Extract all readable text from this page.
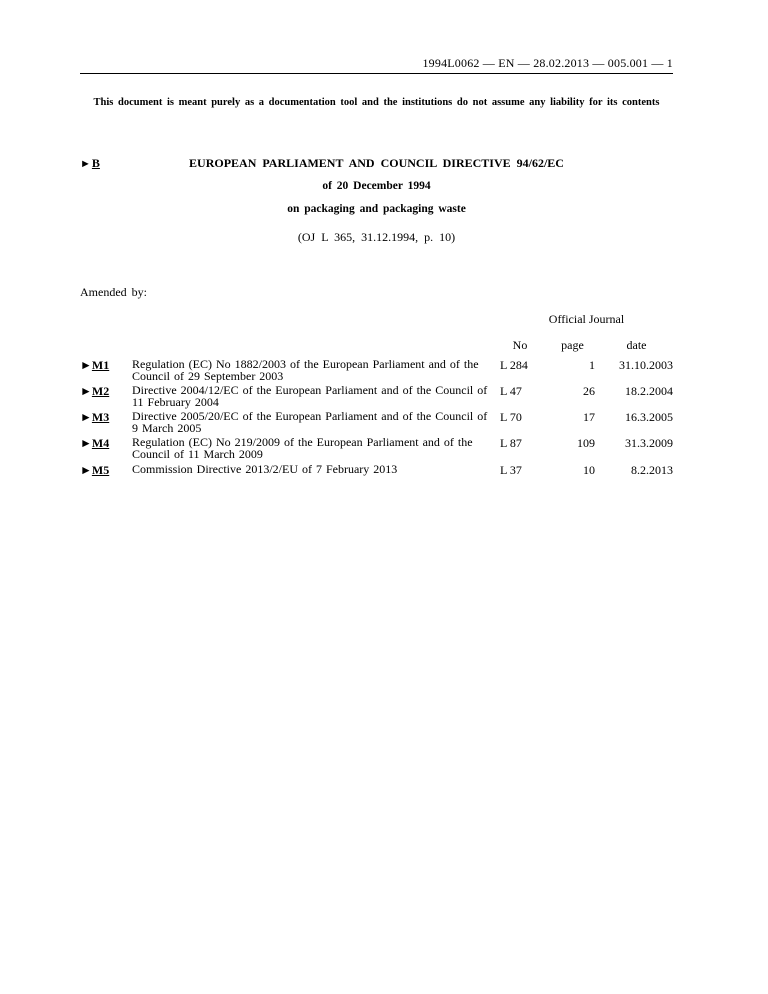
1994L0062 — EN — 28.02.2013 — 005.001 — 1
This document is meant purely as a documentation tool and the institutions do not assume any liability for its contents
►B	EUROPEAN PARLIAMENT AND COUNCIL DIRECTIVE 94/62/EC
of 20 December 1994
on packaging and packaging waste
(OJ L 365, 31.12.1994, p. 10)
Amended by:
Official Journal
No	page	date
►M1 Regulation (EC) No 1882/2003 of the European Parliament and of the
Council of 29 September 2003
L 284	1	31.10.2003
►M2 Directive 2004/12/EC of the European Parliament and of the Council of
11 February 2004
L 47	26	18.2.2004
►M3 Directive 2005/20/EC of the European Parliament and of the Council of
9 March 2005
L 70	17	16.3.2005
►M4 Regulation (EC) No 219/2009 of the European Parliament and of the
Council of 11 March 2009
L 87	109	31.3.2009
►M5 Commission Directive 2013/2/EU of 7 February 2013	L 37	10	8.2.2013
